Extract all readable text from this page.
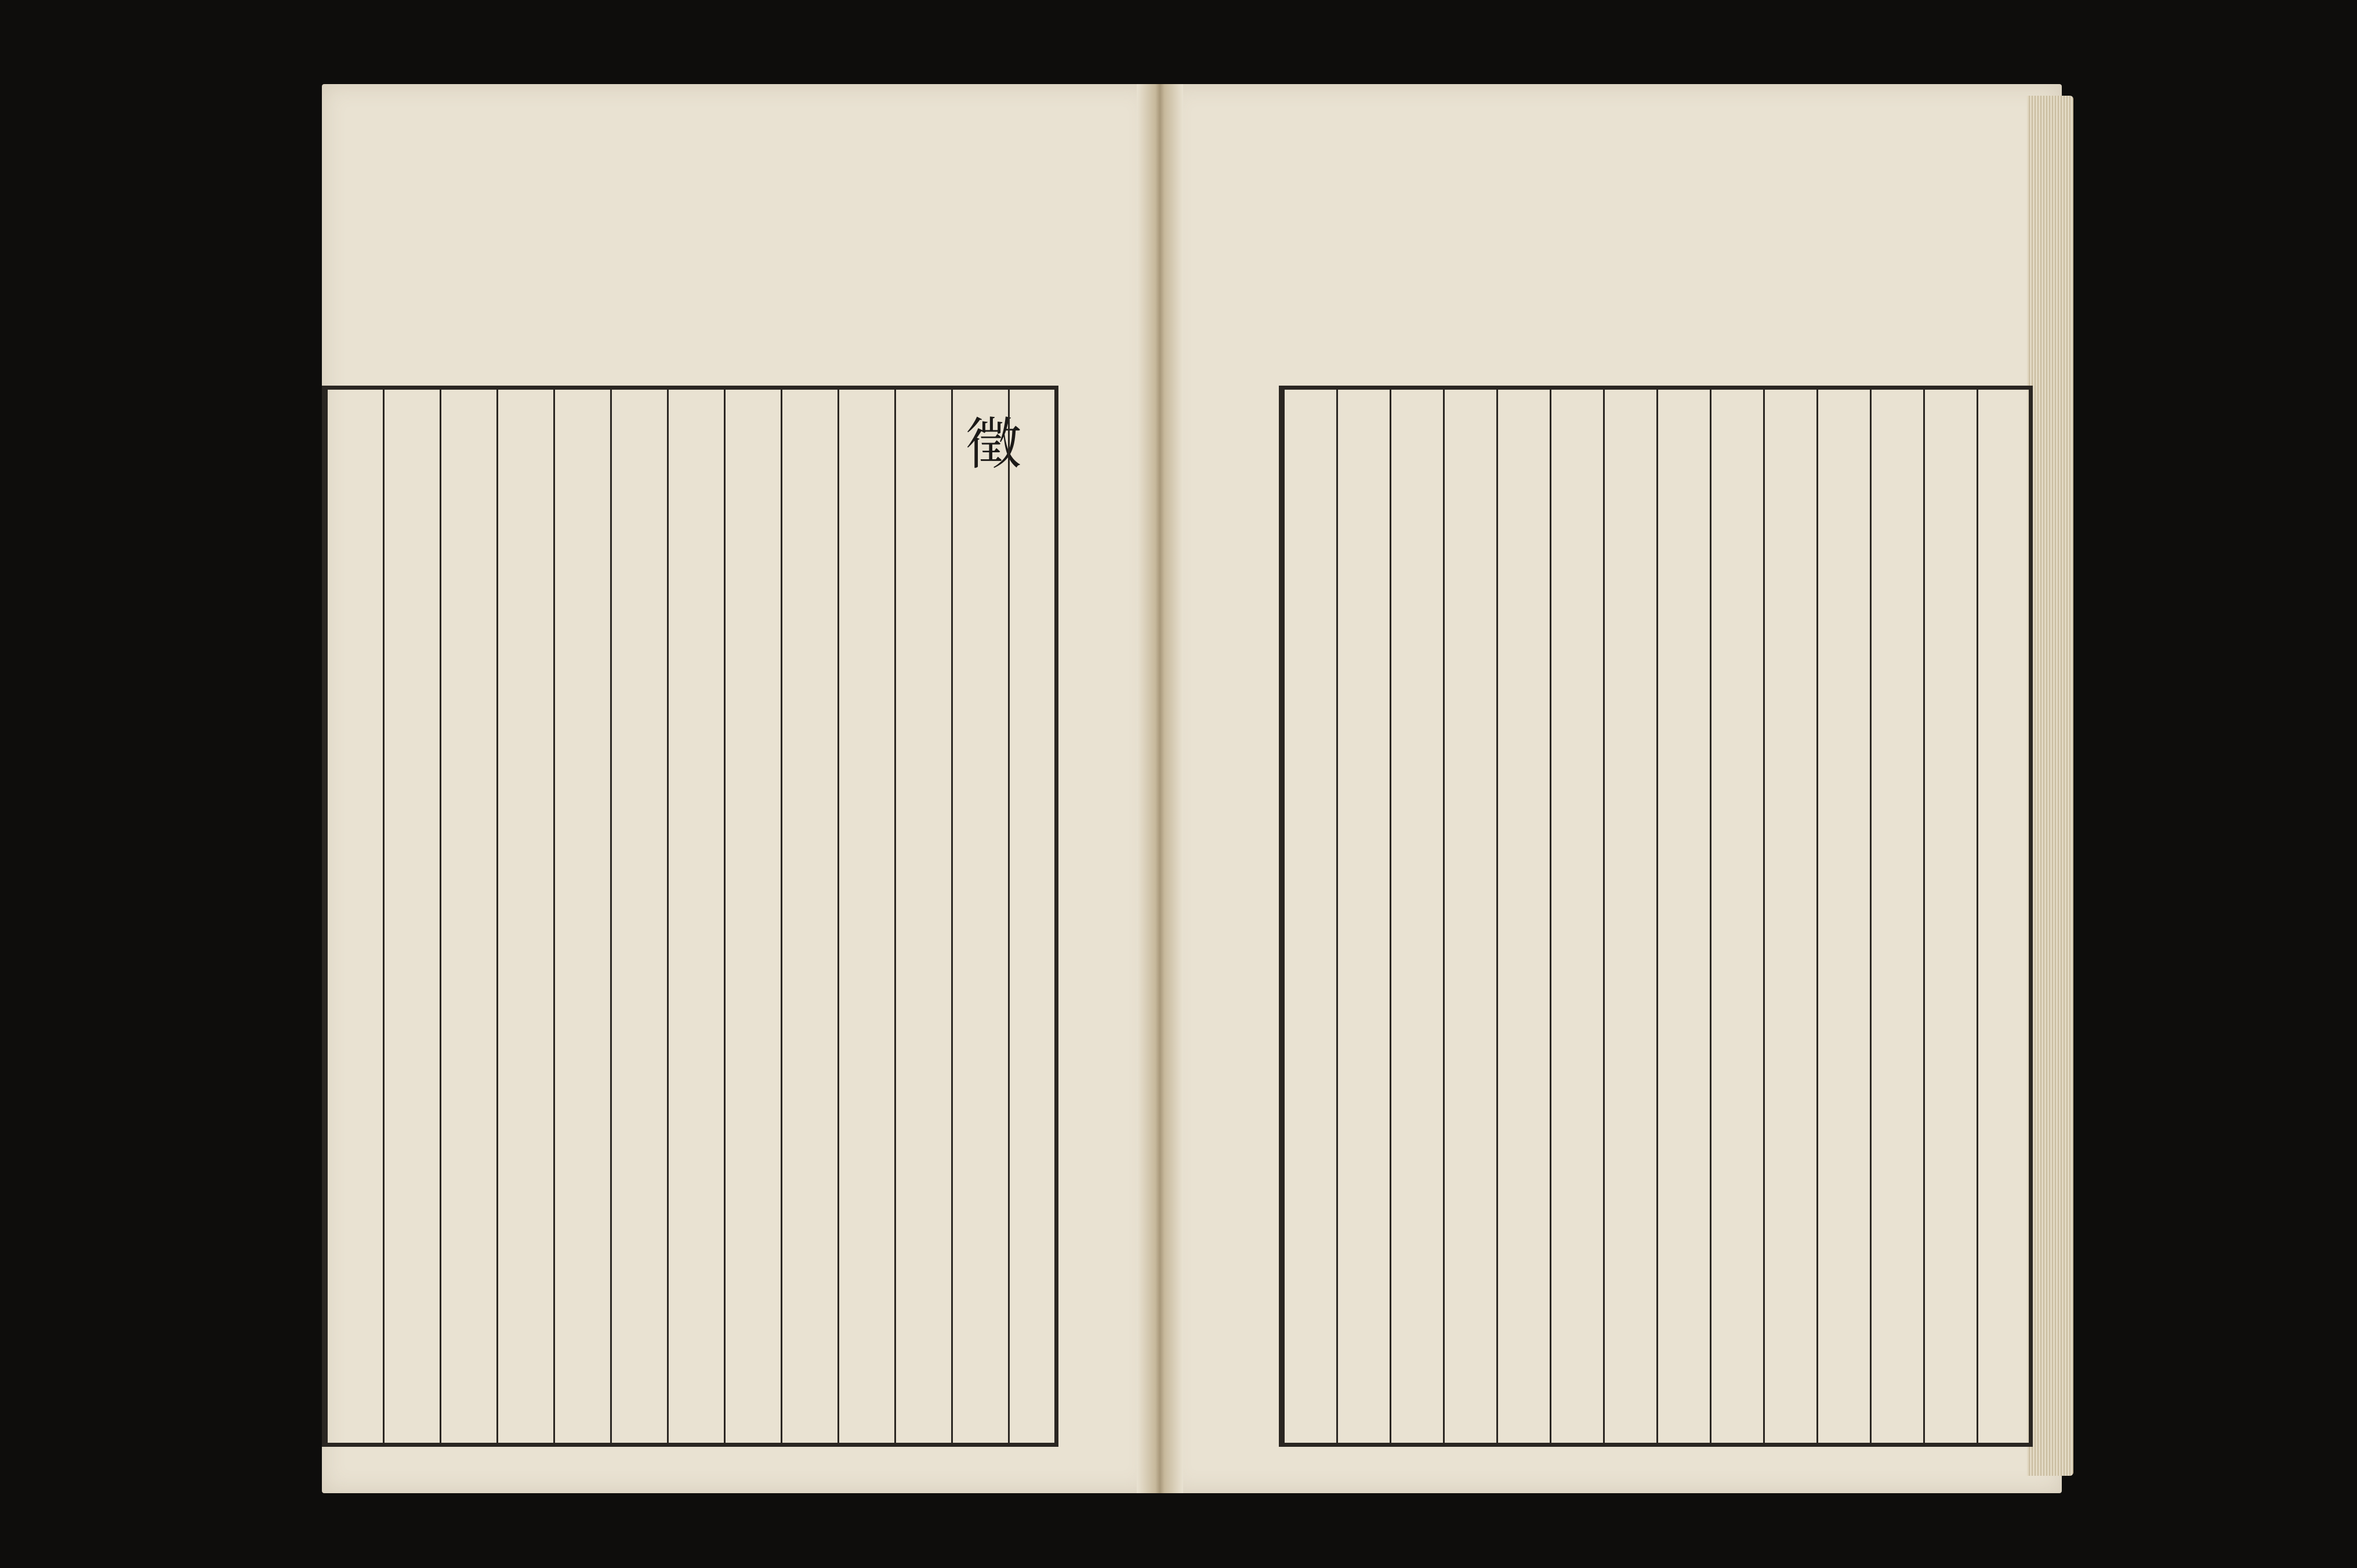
徵
